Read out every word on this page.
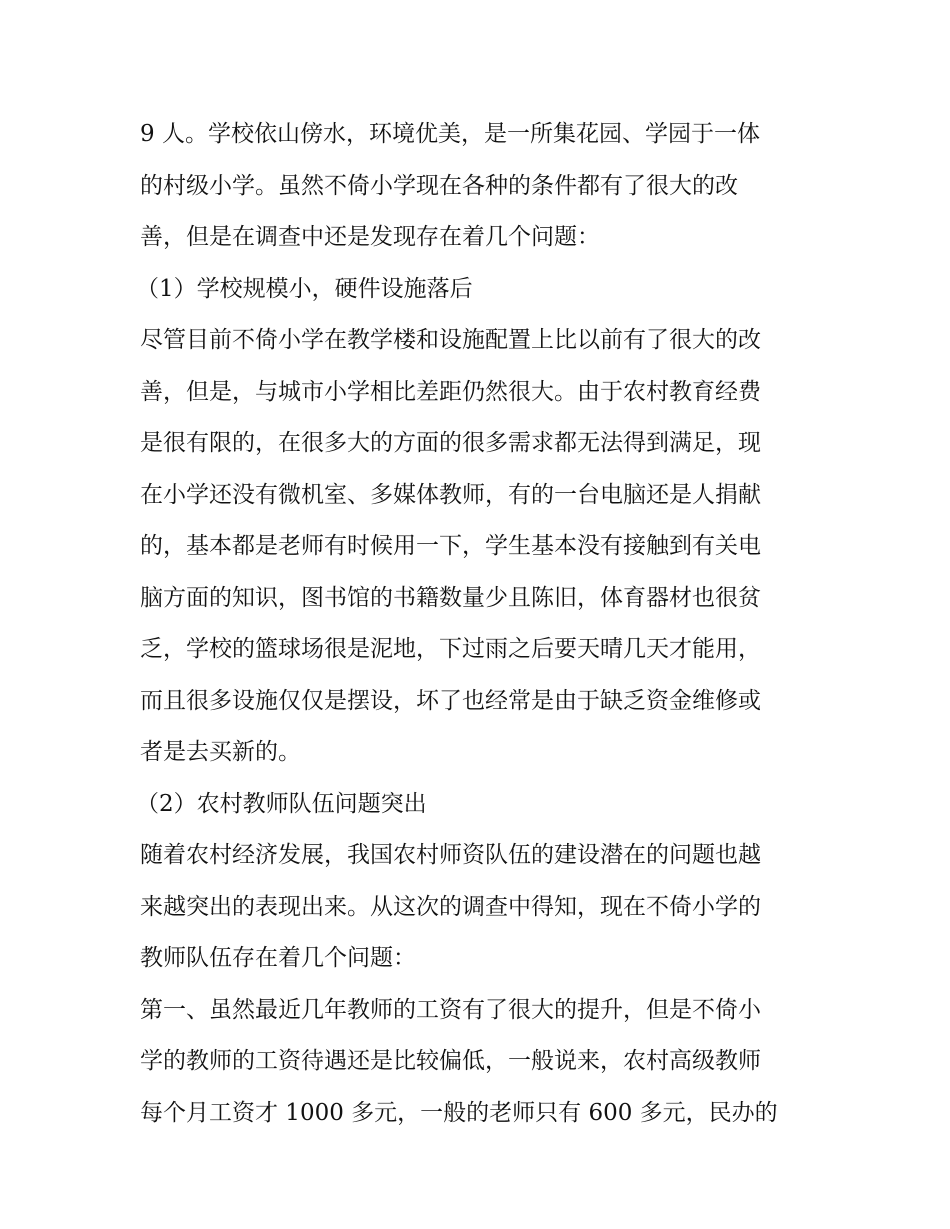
9 人。学校依山傍水，环境优美，是一所集花园、学园于一体
的村级小学。虽然不倚小学现在各种的条件都有了很大的改
善，但是在调查中还是发现存在着几个问题：
（1）学校规模小，硬件设施落后
尽管目前不倚小学在教学楼和设施配置上比以前有了很大的改
善，但是，与城市小学相比差距仍然很大。由于农村教育经费
是很有限的，在很多大的方面的很多需求都无法得到满足，现
在小学还没有微机室、多媒体教师，有的一台电脑还是人捐献
的，基本都是老师有时候用一下，学生基本没有接触到有关电
脑方面的知识，图书馆的书籍数量少且陈旧，体育器材也很贫
乏，学校的篮球场很是泥地，下过雨之后要天晴几天才能用，
而且很多设施仅仅是摆设，坏了也经常是由于缺乏资金维修或
者是去买新的。
（2）农村教师队伍问题突出
随着农村经济发展，我国农村师资队伍的建设潜在的问题也越
来越突出的表现出来。从这次的调查中得知，现在不倚小学的
教师队伍存在着几个问题：
第一、虽然最近几年教师的工资有了很大的提升，但是不倚小
学的教师的工资待遇还是比较偏低，一般说来，农村高级教师
每个月工资才 1000 多元，一般的老师只有 600 多元，民办的
